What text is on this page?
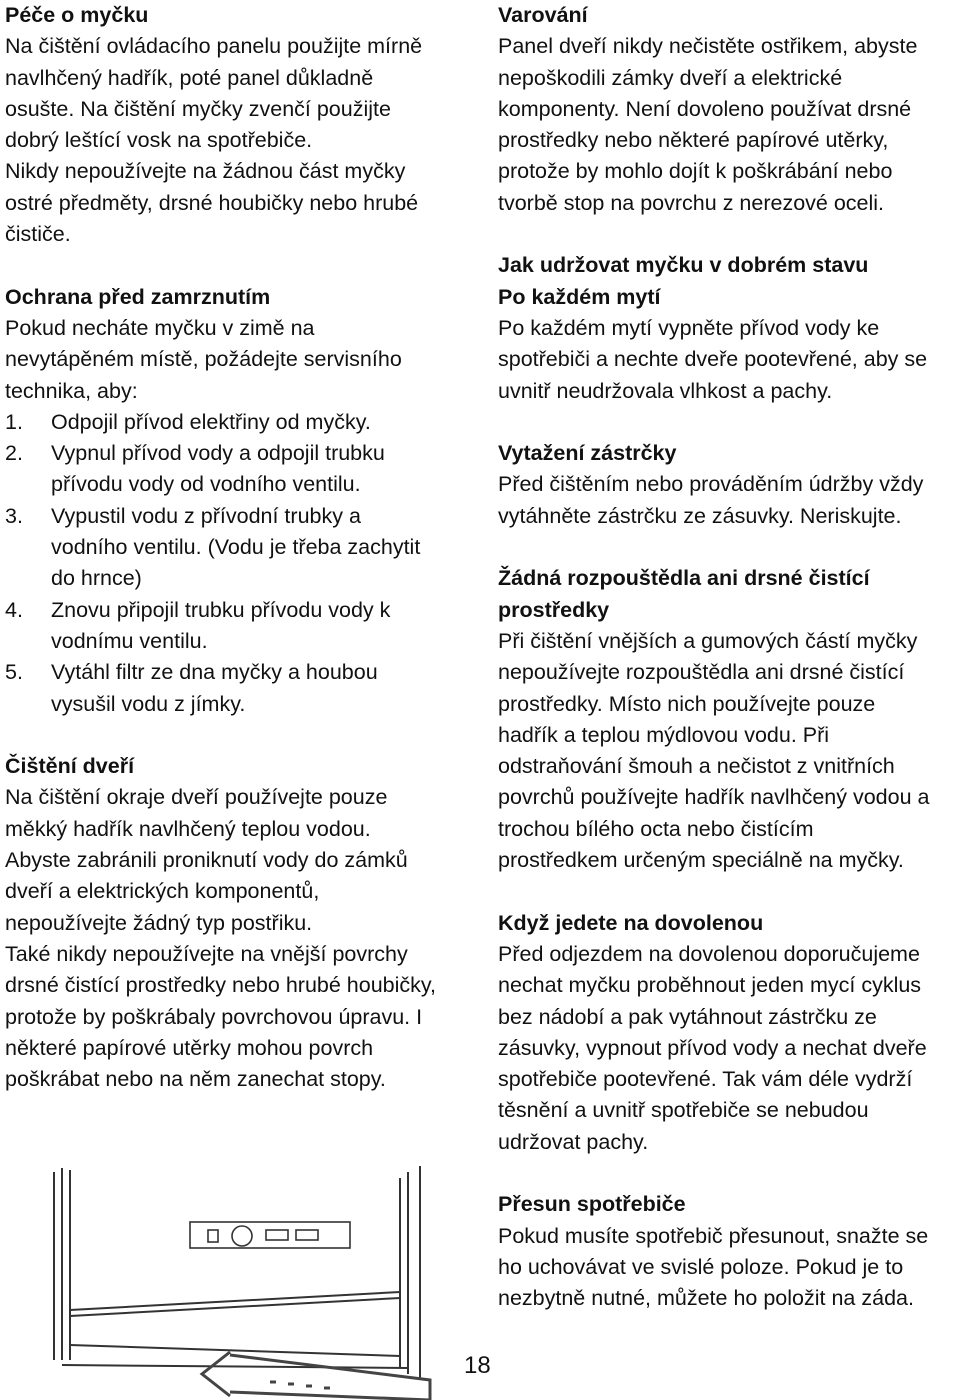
Péče o myčku
Na čištění ovládacího panelu použijte mírně
navlhčený hadřík, poté panel důkladně
osušte. Na čištění myčky zvenčí použijte
dobrý leštící vosk na spotřebiče.
Nikdy nepoužívejte na žádnou část myčky
ostré předměty, drsné houbičky nebo hrubé
čističe.
Ochrana před zamrznutím
Pokud necháte myčku v zimě na
nevytápěném místě, požádejte servisního
technika, aby:
1.	Odpojil přívod elektřiny od myčky.
2.	Vypnul přívod vody a odpojil trubku
přívodu vody od vodního ventilu.
3.	Vypustil vodu z přívodní trubky a
vodního ventilu. (Vodu je třeba zachytit
do hrnce)
4.	Znovu připojil trubku přívodu vody k
vodnímu ventilu.
5.	Vytáhl filtr ze dna myčky a houbou
vysušil vodu z jímky.
Čištění dveří
Na čištění okraje dveří používejte pouze
měkký hadřík navlhčený teplou vodou.
Abyste zabránili proniknutí vody do zámků
dveří a elektrických komponentů,
nepoužívejte žádný typ postřiku.
Také nikdy nepoužívejte na vnější povrchy
drsné čistící prostředky nebo hrubé houbičky,
protože by poškrábaly povrchovou úpravu. I
některé papírové utěrky mohou povrch
poškrábat nebo na něm zanechat stopy.
Varování
Panel dveří nikdy nečistěte ostřikem, abyste
nepoškodili zámky dveří a elektrické
komponenty. Není dovoleno používat drsné
prostředky nebo některé papírové utěrky,
protože by mohlo dojít k poškrábání nebo
tvorbě stop na povrchu z nerezové oceli.
Jak udržovat myčku v dobrém stavu
Po každém mytí
Po každém mytí vypněte přívod vody ke
spotřebiči a nechte dveře pootevřené, aby se
uvnitř neudržovala vlhkost a pachy.
Vytažení zástrčky
Před čištěním nebo prováděním údržby vždy
vytáhněte zástrčku ze zásuvky. Neriskujte.
Žádná rozpouštědla ani drsné čistící
prostředky
Při čištění vnějších a gumových částí myčky
nepoužívejte rozpouštědla ani drsné čistící
prostředky. Místo nich používejte pouze
hadřík a teplou mýdlovou vodu. Při
odstraňování šmouh a nečistot z vnitřních
povrchů používejte hadřík navlhčený vodou a
trochou bílého octa nebo čistícím
prostředkem určeným speciálně na myčky.
Když jedete na dovolenou
Před odjezdem na dovolenou doporučujeme
nechat myčku proběhnout jeden mycí cyklus
bez nádobí a pak vytáhnout zástrčku ze
zásuvky, vypnout přívod vody a nechat dveře
spotřebiče pootevřené. Tak vám déle vydrží
těsnění a uvnitř spotřebiče se nebudou
udržovat pachy.
Přesun spotřebiče
Pokud musíte spotřebič přesunout, snažte se
ho uchovávat ve svislé poloze. Pokud je to
nezbytně nutné, můžete ho položit na záda.
18
